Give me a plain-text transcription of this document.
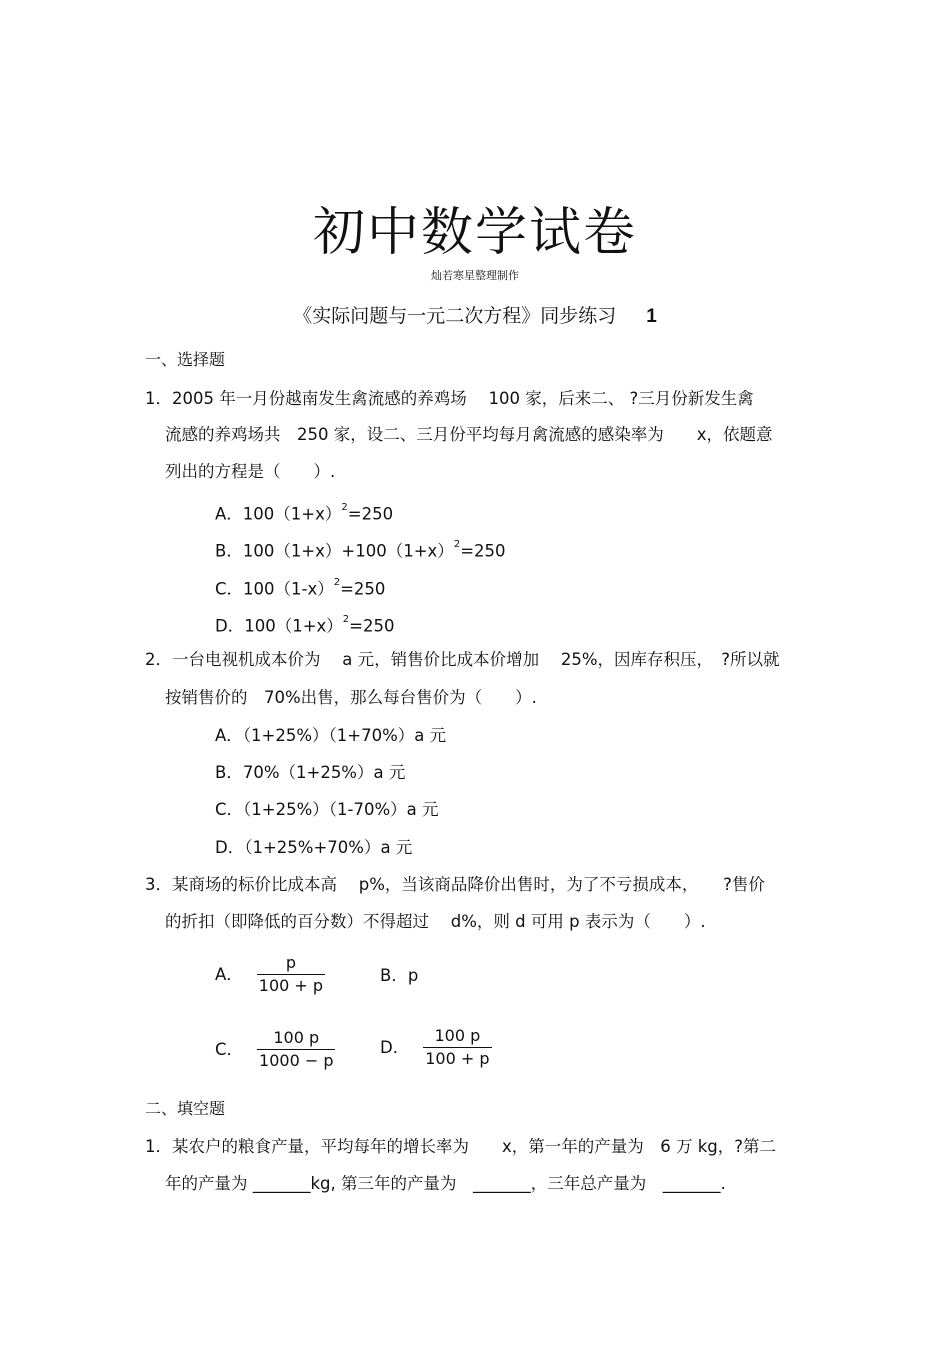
初中数学试卷
灿若寒星整理制作
《实际问题与一元二次方程》同步练习 1
一、选择题
1．2005 年一月份越南发生禽流感的养鸡场　 100 家，后来二、 ?三月份新发生禽
流感的养鸡场共　250 家，设二、三月份平均每月禽流感的感染率为　　x，依题意
列出的方程是（　　）.
A．$100(1+x)^2=250$
B．$100(1+x)+100(1+x)^2=250$
C．$100(1-x)^2=250$
D．$100(1+x)^2=250$
2．一台电视机成本价为　 a 元，销售价比成本价增加　 25%，因库存积压，　?所以就
按销售价的　70%出售，那么每台售价为（　　）.
A．（1+25%）（1+70%）a 元
B．70%（1+25%）a 元
C．（1+25%）（1-70%）a 元
D．（1+25%+70%）a 元
3．某商场的标价比成本高　 p%，当该商品降价出售时，为了不亏损成本，　　?售价
的折扣（即降低的百分数）不得超过　 d%，则 d 可用 p 表示为（　　）.
A． $\frac{p}{100 + p}$	B．p
C． $\frac{100 p}{1000 - p}$	D． $\frac{100 p}{100 + p}$
二、填空题
1．某农户的粮食产量，平均每年的增长率为　　x，第一年的产量为　6 万 kg，?第二
年的产量为 _______kg, 第三年的产量为　_______，三年总产量为　_______.
